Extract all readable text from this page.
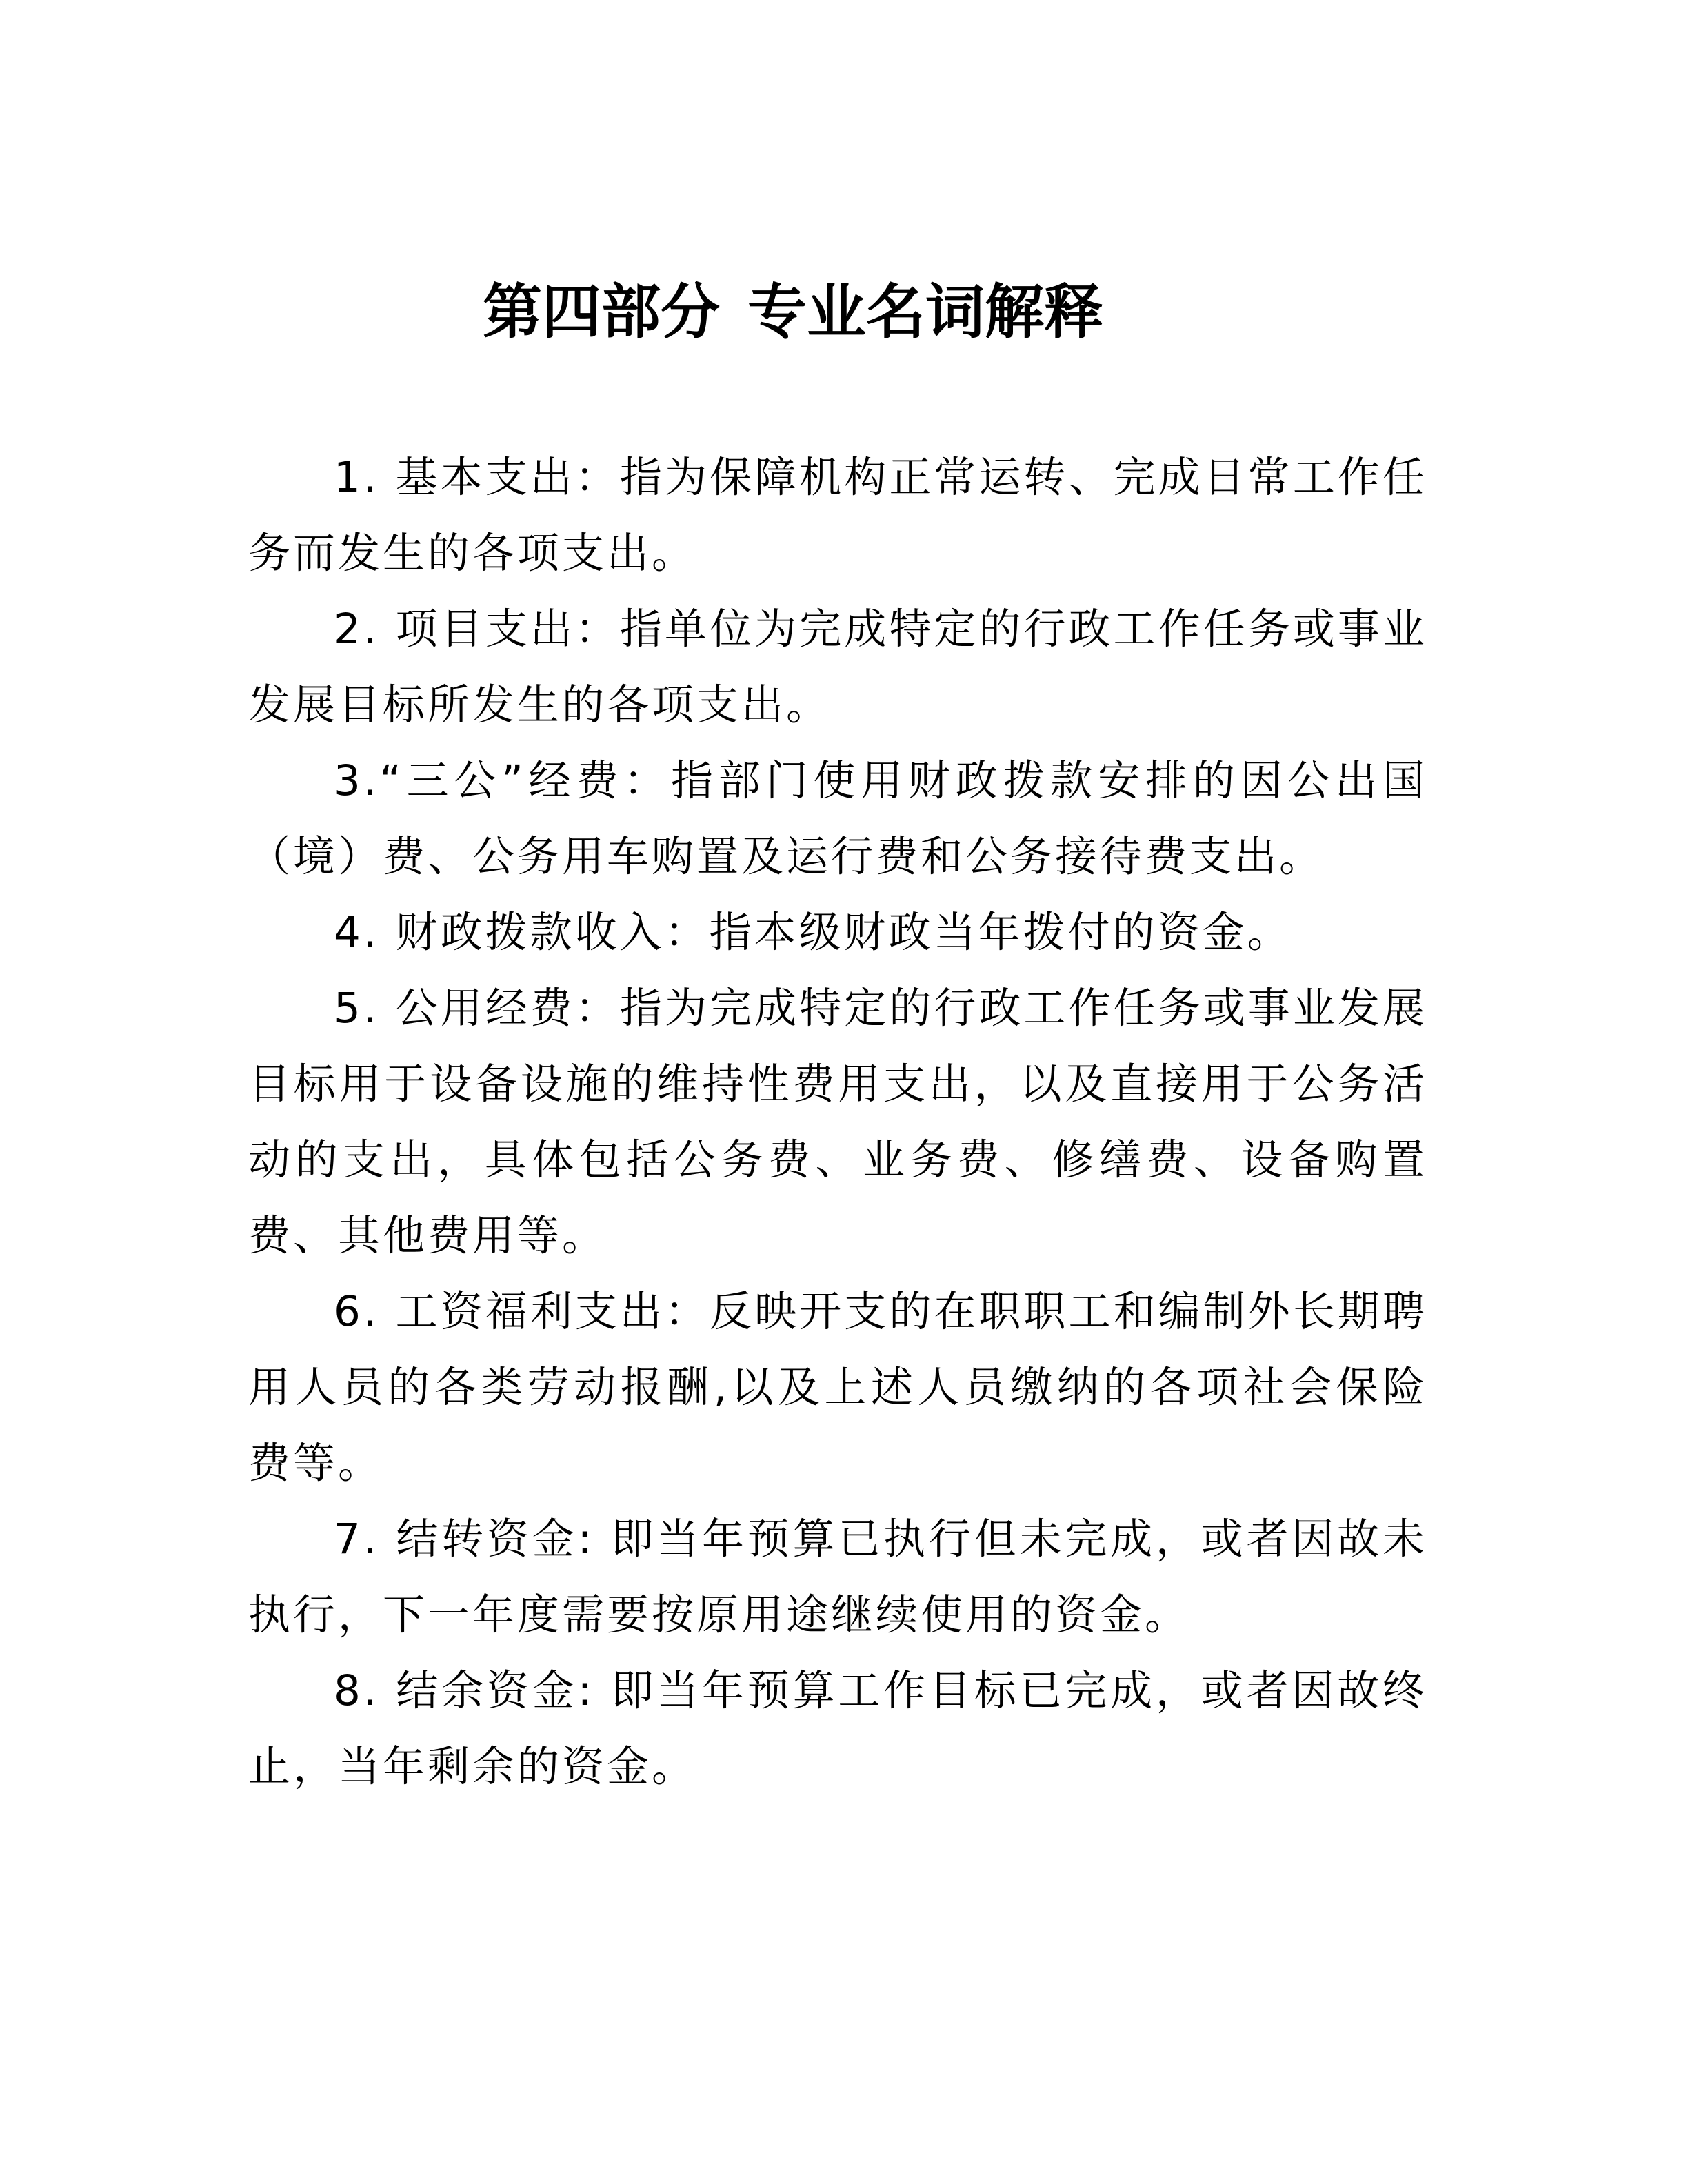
第四部分 专业名词解释

1. 基本支出：指为保障机构正常运转、完成日常工作任务而发生的各项支出。

2. 项目支出：指单位为完成特定的行政工作任务或事业发展目标所发生的各项支出。

3.“三公”经费：指部门使用财政拨款安排的因公出国（境）费、公务用车购置及运行费和公务接待费支出。

4. 财政拨款收入：指本级财政当年拨付的资金。

5. 公用经费：指为完成特定的行政工作任务或事业发展目标用于设备设施的维持性费用支出，以及直接用于公务活动的支出，具体包括公务费、业务费、修缮费、设备购置费、其他费用等。

6. 工资福利支出：反映开支的在职职工和编制外长期聘用人员的各类劳动报酬,以及上述人员缴纳的各项社会保险费等。

7. 结转资金: 即当年预算已执行但未完成，或者因故未执行，下一年度需要按原用途继续使用的资金。

8. 结余资金: 即当年预算工作目标已完成，或者因故终止，当年剩余的资金。
